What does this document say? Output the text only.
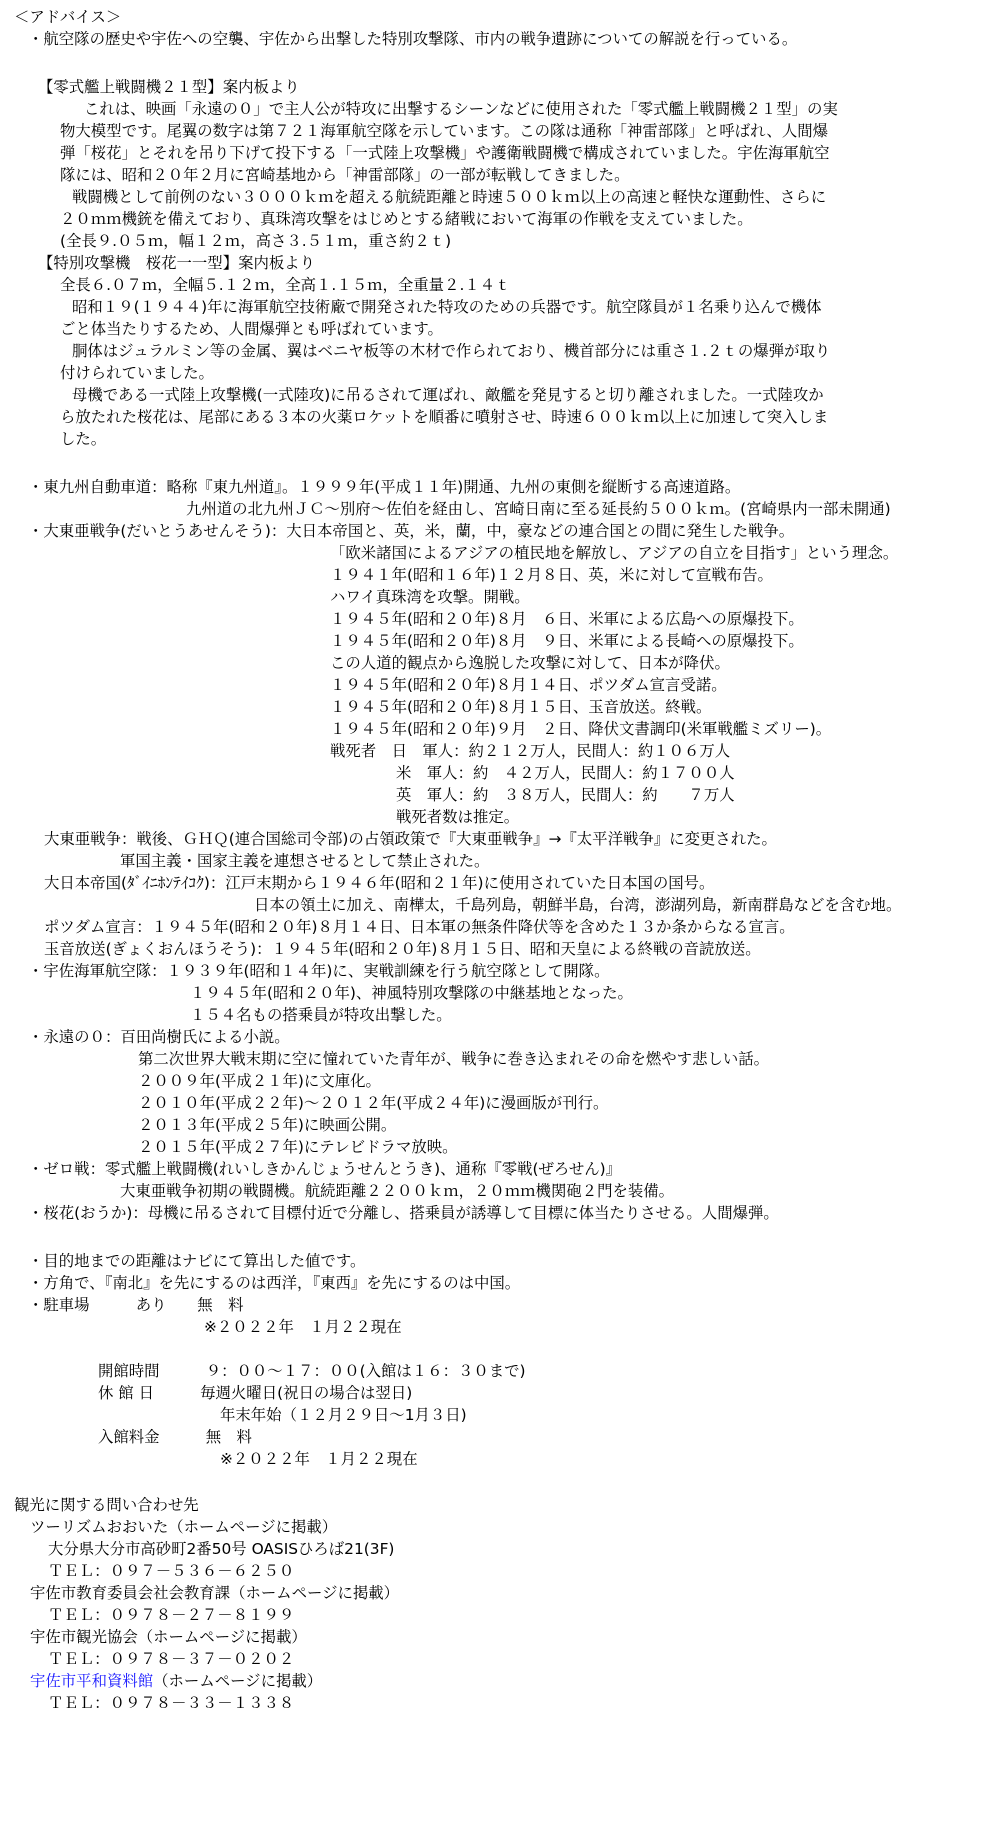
＜アドバイス＞
・航空隊の歴史や宇佐への空襲、宇佐から出撃した特別攻撃隊、市内の戦争遺跡についての解説を行っている。
【零式艦上戦闘機２１型】案内板より
これは、映画「永遠の０」で主人公が特攻に出撃するシーンなどに使用された「零式艦上戦闘機２１型」の実
物大模型です。尾翼の数字は第７２１海軍航空隊を示しています。この隊は通称「神雷部隊」と呼ばれ、人間爆
弾「桜花」とそれを吊り下げて投下する「一式陸上攻撃機」や護衛戦闘機で構成されていました。宇佐海軍航空
隊には、昭和２０年２月に宮崎基地から「神雷部隊」の一部が転戦してきました。
戦闘機として前例のない３０００ｋｍを超える航続距離と時速５００ｋｍ以上の高速と軽快な運動性、さらに
２０ｍｍ機銃を備えており、真珠湾攻撃をはじめとする緒戦において海軍の作戦を支えていました。
(全長９.０５ｍ，幅１２ｍ，高さ３.５１ｍ，重さ約２ｔ)
【特別攻撃機　桜花一一型】案内板より
全長６.０７ｍ，全幅５.１２ｍ，全高１.１５ｍ，全重量２.１４ｔ
昭和１９(１９４４)年に海軍航空技術廠で開発された特攻のための兵器です。航空隊員が１名乗り込んで機体
ごと体当たりするため、人間爆弾とも呼ばれています。
胴体はジュラルミン等の金属、翼はベニヤ板等の木材で作られており、機首部分には重さ１.２ｔの爆弾が取り
付けられていました。
母機である一式陸上攻撃機(一式陸攻)に吊るされて運ばれ、敵艦を発見すると切り離されました。一式陸攻か
ら放たれた桜花は、尾部にある３本の火薬ロケットを順番に噴射させ、時速６００ｋｍ以上に加速して突入しま
した。
・東九州自動車道：略称『東九州道』。１９９９年(平成１１年)開通、九州の東側を縦断する高速道路。
九州道の北九州ＪＣ～別府～佐伯を経由し、宮崎日南に至る延長約５００ｋｍ。(宮崎県内一部未開通)
・大東亜戦争(だいとうあせんそう)：大日本帝国と、英，米，蘭，中，豪などの連合国との間に発生した戦争。
「欧米諸国によるアジアの植民地を解放し、アジアの自立を目指す」という理念。
１９４１年(昭和１６年)１２月８日、英，米に対して宣戦布告。
ハワイ真珠湾を攻撃。開戦。
１９４５年(昭和２０年)８月　６日、米軍による広島への原爆投下。
１９４５年(昭和２０年)８月　９日、米軍による長崎への原爆投下。
この人道的観点から逸脱した攻撃に対して、日本が降伏。
１９４５年(昭和２０年)８月１４日、ポツダム宣言受諾。
１９４５年(昭和２０年)８月１５日、玉音放送。終戦。
１９４５年(昭和２０年)９月　２日、降伏文書調印(米軍戦艦ミズリー)。
戦死者　日　軍人：約２１２万人，民間人：約１０６万人
米　軍人：約　４２万人，民間人：約１７００人
英　軍人：約　３８万人，民間人：約　　７万人
戦死者数は推定。
大東亜戦争：戦後、ＧＨＱ(連合国総司令部)の占領政策で『大東亜戦争』→『太平洋戦争』に変更された。
軍国主義・国家主義を連想させるとして禁止された。
大日本帝国(ﾀﾞｲﾆﾎﾝﾃｲｺｸ)：江戸末期から１９４６年(昭和２１年)に使用されていた日本国の国号。
日本の領土に加え、南樺太，千島列島，朝鮮半島，台湾，澎湖列島，新南群島などを含む地。
ポツダム宣言：１９４５年(昭和２０年)８月１４日、日本軍の無条件降伏等を含めた１３か条からなる宣言。
玉音放送(ぎょくおんほうそう)：１９４５年(昭和２０年)８月１５日、昭和天皇による終戦の音読放送。
・宇佐海軍航空隊：１９３９年(昭和１４年)に、実戦訓練を行う航空隊として開隊。
１９４５年(昭和２０年)、神風特別攻撃隊の中継基地となった。
１５４名もの搭乗員が特攻出撃した。
・永遠の０：百田尚樹氏による小説。
第二次世界大戦末期に空に憧れていた青年が、戦争に巻き込まれその命を燃やす悲しい話。
２００９年(平成２１年)に文庫化。
２０１０年(平成２２年)～２０１２年(平成２４年)に漫画版が刊行。
２０１３年(平成２５年)に映画公開。
２０１５年(平成２７年)にテレビドラマ放映。
・ゼロ戦：零式艦上戦闘機(れいしきかんじょうせんとうき)、通称『零戦(ぜろせん)』
大東亜戦争初期の戦闘機。航続距離２２００ｋｍ，２０ｍｍ機関砲２門を装備。
・桜花(おうか)：母機に吊るされて目標付近で分離し、搭乗員が誘導して目標に体当たりさせる。人間爆弾。
・目的地までの距離はナビにて算出した値です。
・方角で、『南北』を先にするのは西洋，『東西』を先にするのは中国。
・駐車場　　　あり　　無　料
※２０２２年　１月２２現在
開館時間　　　９：００～１７：００(入館は１６：３０まで)
休 館 日　　　毎週火曜日(祝日の場合は翌日)
年末年始（１２月２９日～1月３日)
入館料金　　　無　料
※２０２２年　１月２２現在
観光に関する問い合わせ先
ツーリズムおおいた（ホームページに掲載）
大分県大分市高砂町2番50号 OASISひろば21(3F)
ＴＥＬ：０９７－５３６－６２５０
宇佐市教育委員会社会教育課（ホームページに掲載）
ＴＥＬ：０９７８－２７－８１９９
宇佐市観光協会（ホームページに掲載）
ＴＥＬ：０９７８－３７－０２０２
宇佐市平和資料館（ホームページに掲載）
ＴＥＬ：０９７８－３３－１３３８
